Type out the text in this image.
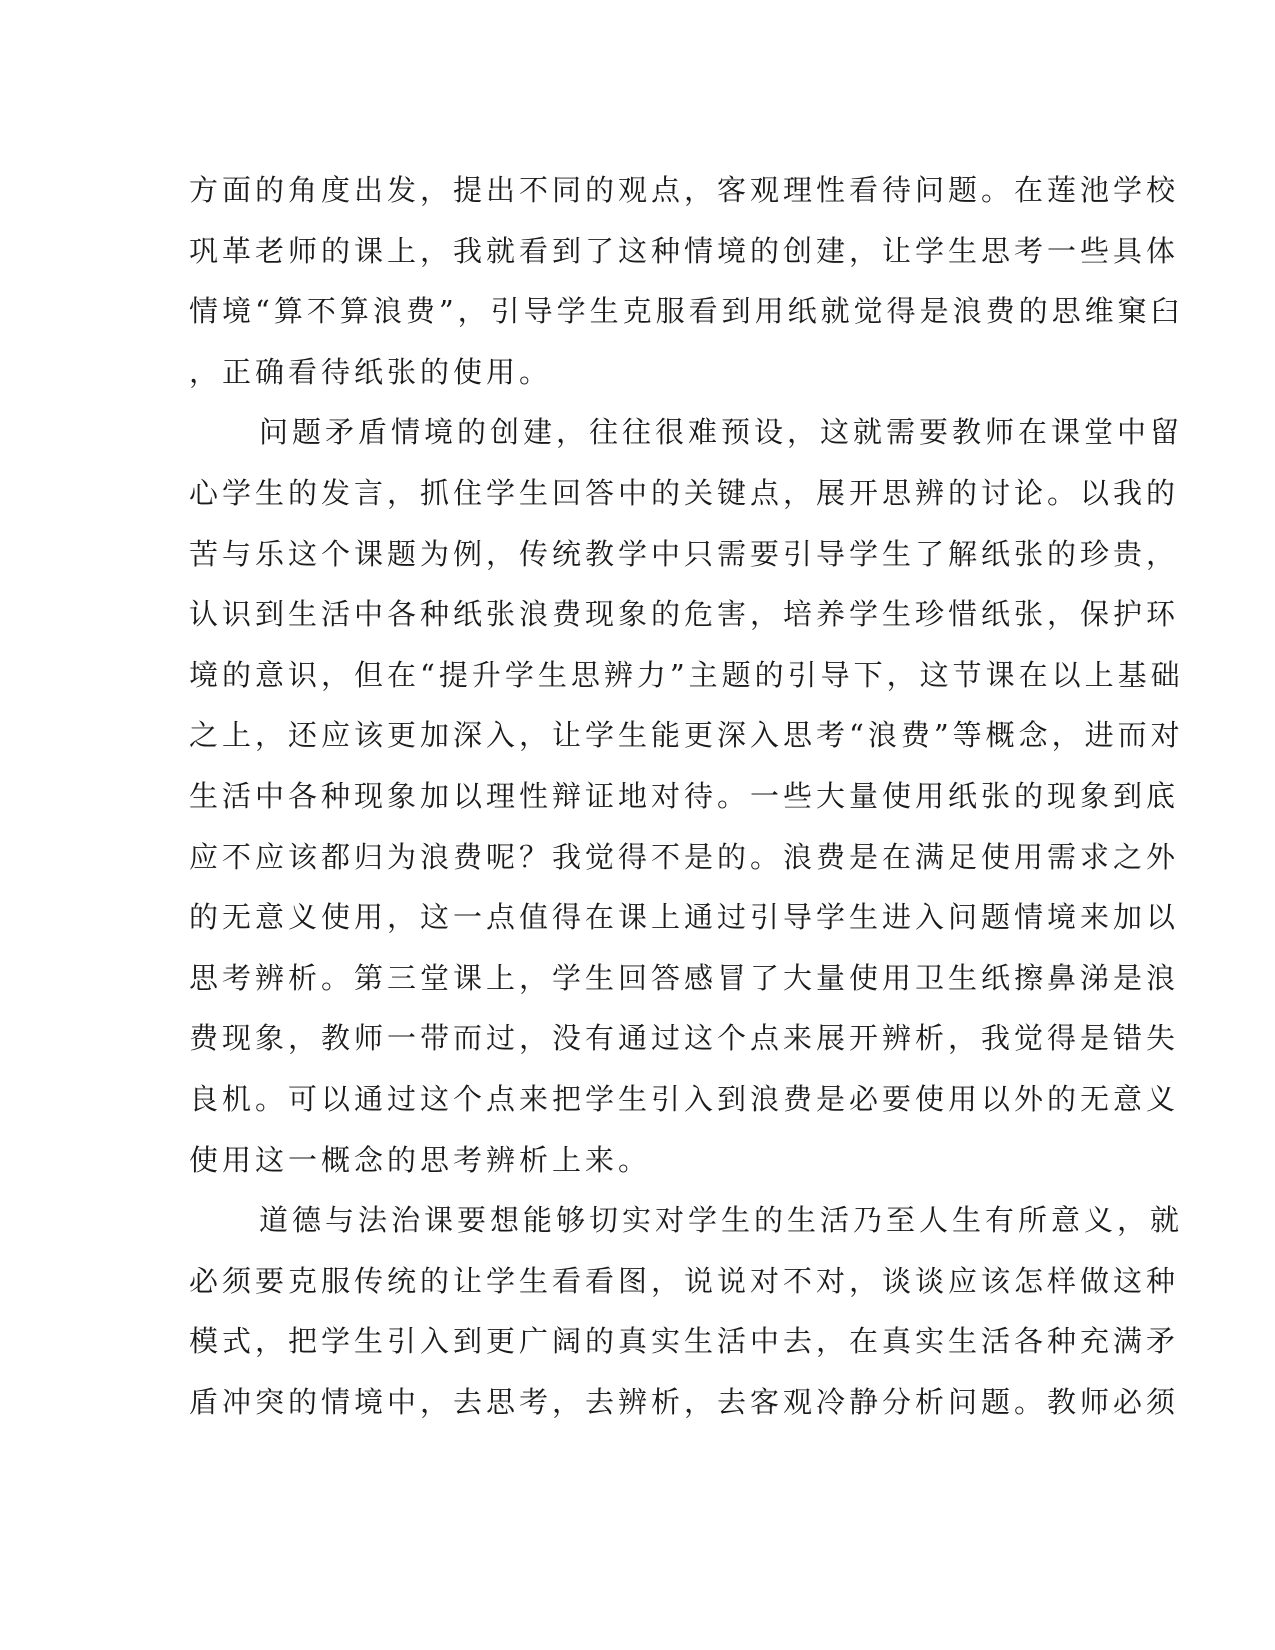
方面的角度出发，提出不同的观点，客观理性看待问题。在莲池学校
巩革老师的课上，我就看到了这种情境的创建，让学生思考一些具体
情境“算不算浪费”，引导学生克服看到用纸就觉得是浪费的思维窠臼
，正确看待纸张的使用。
问题矛盾情境的创建，往往很难预设，这就需要教师在课堂中留
心学生的发言，抓住学生回答中的关键点，展开思辨的讨论。以我的
苦与乐这个课题为例，传统教学中只需要引导学生了解纸张的珍贵，
认识到生活中各种纸张浪费现象的危害，培养学生珍惜纸张，保护环
境的意识，但在“提升学生思辨力”主题的引导下，这节课在以上基础
之上，还应该更加深入，让学生能更深入思考“浪费”等概念，进而对
生活中各种现象加以理性辩证地对待。一些大量使用纸张的现象到底
应不应该都归为浪费呢？我觉得不是的。浪费是在满足使用需求之外
的无意义使用，这一点值得在课上通过引导学生进入问题情境来加以
思考辨析。第三堂课上，学生回答感冒了大量使用卫生纸擦鼻涕是浪
费现象，教师一带而过，没有通过这个点来展开辨析，我觉得是错失
良机。可以通过这个点来把学生引入到浪费是必要使用以外的无意义
使用这一概念的思考辨析上来。
道德与法治课要想能够切实对学生的生活乃至人生有所意义，就
必须要克服传统的让学生看看图，说说对不对，谈谈应该怎样做这种
模式，把学生引入到更广阔的真实生活中去，在真实生活各种充满矛
盾冲突的情境中，去思考，去辨析，去客观冷静分析问题。教师必须
